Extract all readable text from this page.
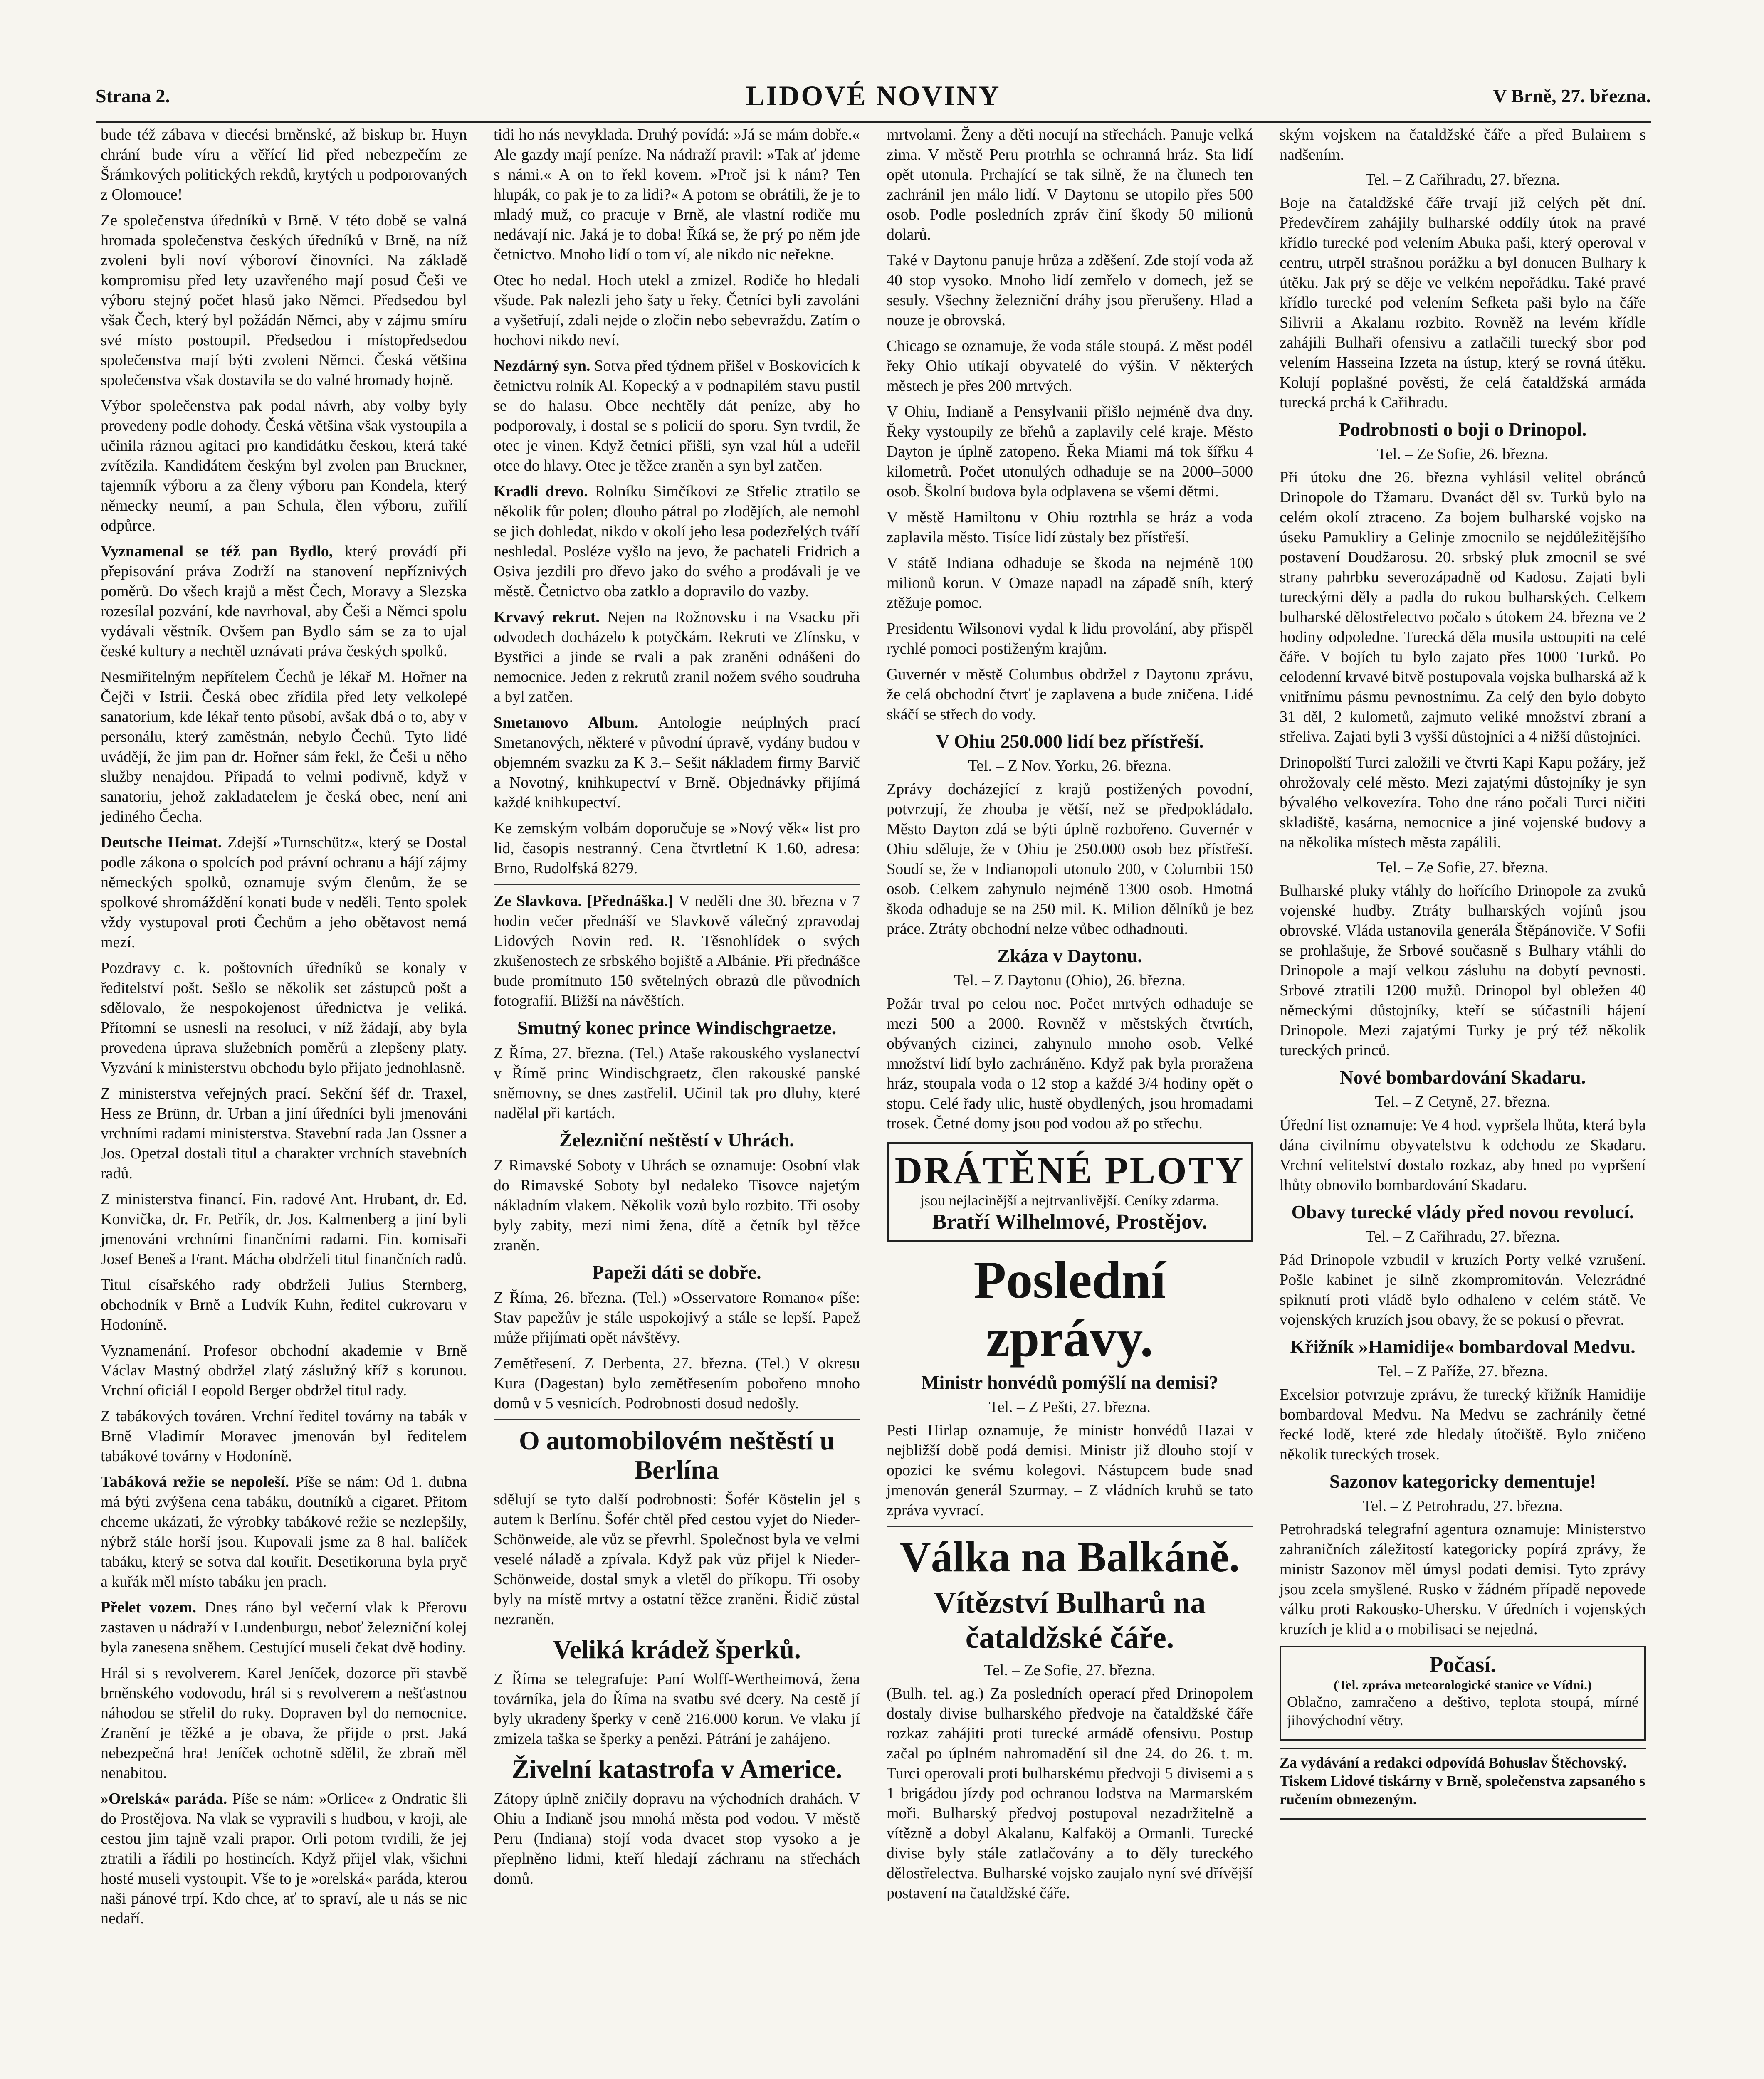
Strana 2.	LIDOVÉ NOVINY	V Brně, 27. března.

bude též zábava v diecési brněnské, až biskup br. Huyn chrání bude víru a věřící lid před nebezpečím ze Šrámkových politických rekdů, krytých u podporovaných z Olomouce!

Ze společenstva úředníků v Brně. V této době se valná hromada společenstva českých úředníků v Brně, na níž zvoleni byli noví výboroví činovníci. Na základě kompromisu před lety uzavřeného mají posud Češi ve výboru stejný počet hlasů jako Němci. Předsedou byl však Čech, který byl požádán Němci, aby v zájmu smíru své místo postoupil. Předsedou i místopředsedou společenstva mají býti zvoleni Němci. Česká většina společenstva však dostavila se do valné hromady hojně.

Výbor společenstva pak podal návrh, aby volby byly provedeny podle dohody. Česká většina však vystoupila a učinila ráznou agitaci pro kandidátku českou, která také zvítězila. Kandidátem českým byl zvolen pan Bruckner, tajemník výboru a za členy výboru pan Kondela, který německy neumí, a pan Schula, člen výboru, zuřilí odpůrce.

Vyznamenal se též pan Bydlo, který provádí při přepisování práva Zodrží na stanovení nepříznivých poměrů. Do všech krajů a měst Čech, Moravy a Slezska rozesílal pozvání, kde navrhoval, aby Češi a Němci spolu vydávali věstník. Ovšem pan Bydlo sám se za to ujal české kultury a nechtěl uznávati práva českých spolků.

Nesmiřitelným nepřítelem Čechů je lékař M. Hořner na Čejči v Istrii. Česká obec zřídila před lety velkolepé sanatorium, kde lékař tento působí, avšak dbá o to, aby v personálu, který zaměstnán, nebylo Čechů. Tyto lidé uvádějí, že jim pan dr. Hořner sám řekl, že Češi u něho služby nenajdou. Připadá to velmi podivně, když v sanatoriu, jehož zakladatelem je česká obec, není ani jediného Čecha.

Deutsche Heimat. Zdejší »Turnschütz«, který se Dostal podle zákona o spolcích pod právní ochranu a hájí zájmy německých spolků, oznamuje svým členům, že se spolkové shromáždění konati bude v neděli. Tento spolek vždy vystupoval proti Čechům a jeho obětavost nemá mezí.

Pozdravy c. k. poštovních úředníků se konaly v ředitelství pošt. Sešlo se několik set zástupců pošt a sdělovalo, že nespokojenost úřednictva je veliká. Přítomní se usnesli na resoluci, v níž žádají, aby byla provedena úprava služebních poměrů a zlepšeny platy. Vyzvání k ministerstvu obchodu bylo přijato jednohlasně.

Z ministerstva veřejných prací. Sekční šéf dr. Traxel, Hess ze Brünn, dr. Urban a jiní úředníci byli jmenováni vrchními radami ministerstva. Stavební rada Jan Ossner a Jos. Opetzal dostali titul a charakter vrchních stavebních radů.

Z ministerstva financí. Fin. radové Ant. Hrubant, dr. Ed. Konvička, dr. Fr. Petřík, dr. Jos. Kalmenberg a jiní byli jmenováni vrchními finančními radami. Fin. komisaři Josef Beneš a Frant. Mácha obdrželi titul finančních radů.

Titul císařského rady obdrželi Julius Sternberg, obchodník v Brně a Ludvík Kuhn, ředitel cukrovaru v Hodoníně.

Vyznamenání. Profesor obchodní akademie v Brně Václav Mastný obdržel zlatý záslužný kříž s korunou. Vrchní oficiál Leopold Berger obdržel titul rady.

Z tabákových továren. Vrchní ředitel továrny na tabák v Brně Vladimír Moravec jmenován byl ředitelem tabákové továrny v Hodoníně.

Tabáková režie se nepoleší. Píše se nám: Od 1. dubna má býti zvýšena cena tabáku, doutníků a cigaret. Přitom chceme ukázati, že výrobky tabákové režie se nezlepšily, nýbrž stále horší jsou. Kupovali jsme za 8 hal. balíček tabáku, který se sotva dal kouřit. Desetikoruna byla pryč a kuřák měl místo tabáku jen prach.

Přelet vozem. Dnes ráno byl večerní vlak k Přerovu zastaven u nádraží v Lundenburgu, neboť železniční kolej byla zanesena sněhem. Cestující museli čekat dvě hodiny.

Hrál si s revolverem. Karel Jeníček, dozorce při stavbě brněnského vodovodu, hrál si s revolverem a nešťastnou náhodou se střelil do ruky. Dopraven byl do nemocnice. Zranění je těžké a je obava, že přijde o prst. Jaká nebezpečná hra! Jeníček ochotně sdělil, že zbraň měl nenabitou.

»Orelská« paráda. Píše se nám: »Orlice« z Ondratic šli do Prostějova. Na vlak se vypravili s hudbou, v kroji, ale cestou jim tajně vzali prapor. Orli potom tvrdili, že jej ztratili a řádili po hostincích. Když přijel vlak, všichni hosté museli vystoupit. Vše to je »orelská« paráda, kterou naši pánové trpí. Kdo chce, ať to spraví, ale u nás se nic nedaří.

tidi ho nás nevyklada. Druhý povídá: »Já se mám dobře.« Ale gazdy mají peníze. Na nádraží pravil: »Tak ať jdeme s námi.« A on to řekl kovem. »Proč jsi k nám? Ten hlupák, co pak je to za lidi?« A potom se obrátili, že je to mladý muž, co pracuje v Brně, ale vlastní rodiče mu nedávají nic. Jaká je to doba! Říká se, že prý po něm jde četnictvo. Mnoho lidí o tom ví, ale nikdo nic neřekne.

Otec ho nedal. Hoch utekl a zmizel. Rodiče ho hledali všude. Pak nalezli jeho šaty u řeky. Četníci byli zavoláni a vyšetřují, zdali nejde o zločin nebo sebevraždu. Zatím o hochovi nikdo neví.

Nezdárný syn. Sotva před týdnem přišel v Boskovicích k četnictvu rolník Al. Kopecký a v podnapilém stavu pustil se do halasu. Obce nechtěly dát peníze, aby ho podporovaly, i dostal se s policií do sporu. Syn tvrdil, že otec je vinen. Když četníci přišli, syn vzal hůl a udeřil otce do hlavy. Otec je těžce zraněn a syn byl zatčen.

Kradli drevo. Rolníku Simčíkovi ze Střelic ztratilo se několik fůr polen; dlouho pátral po zlodějích, ale nemohl se jich dohledat, nikdo v okolí jeho lesa podezřelých tváří neshledal. Posléze vyšlo na jevo, že pachateli Fridrich a Osiva jezdili pro dřevo jako do svého a prodávali je ve městě. Četnictvo oba zatklo a dopravilo do vazby.

Krvavý rekrut. Nejen na Rožnovsku i na Vsacku při odvodech docházelo k potyčkám. Rekruti ve Zlínsku, v Bystřici a jinde se rvali a pak zraněni odnášeni do nemocnice. Jeden z rekrutů zranil nožem svého soudruha a byl zatčen.

Smetanovo Album. Antologie neúplných prací Smetanových, některé v původní úpravě, vydány budou v objemném svazku za K 3.– Sešit nákladem firmy Barvič a Novotný, knihkupectví v Brně. Objednávky přijímá každé knihkupectví.

Ke zemským volbám doporučuje se »Nový věk« list pro lid, časopis nestranný. Cena čtvrtletní K 1.60, adresa: Brno, Rudolfská 8279.

Ze Slavkova. [Přednáška.] V neděli dne 30. března v 7 hodin večer přednáší ve Slavkově válečný zpravodaj Lidových Novin red. R. Těsnohlídek o svých zkušenostech ze srbského bojiště a Albánie. Při přednášce bude promítnuto 150 světelných obrazů dle původních fotografií. Bližší na návěštích.

Smutný konec prince Windischgraetze.

Z Říma, 27. března. (Tel.) Ataše rakouského vyslanectví v Římě princ Windischgraetz, člen rakouské panské sněmovny, se dnes zastřelil. Učinil tak pro dluhy, které nadělal při kartách.

Železniční neštěstí v Uhrách.

Z Rimavské Soboty v Uhrách se oznamuje: Osobní vlak do Rimavské Soboty byl nedaleko Tisovce najetým nákladním vlakem. Několik vozů bylo rozbito. Tři osoby byly zabity, mezi nimi žena, dítě a četník byl těžce zraněn.

Papeži dáti se dobře.

Z Říma, 26. března. (Tel.) »Osservatore Romano« píše: Stav papežův je stále uspokojivý a stále se lepší. Papež může přijímati opět návštěvy.

Zemětřesení. Z Derbenta, 27. března. (Tel.) V okresu Kura (Dagestan) bylo zemětřesením pobořeno mnoho domů v 5 vesnicích. Podrobnosti dosud nedošly.

O automobilovém neštěstí u Berlína

sdělují se tyto další podrobnosti: Šofér Köstelin jel s autem k Berlínu. Šofér chtěl před cestou vyjet do Nieder-Schönweide, ale vůz se převrhl. Společnost byla ve velmi veselé náladě a zpívala. Když pak vůz přijel k Nieder-Schönweide, dostal smyk a vletěl do příkopu. Tři osoby byly na místě mrtvy a ostatní těžce zraněni. Řidič zůstal nezraněn.

Veliká krádež šperků.

Z Říma se telegrafuje: Paní Wolff-Wertheimová, žena továrníka, jela do Říma na svatbu své dcery. Na cestě jí byly ukradeny šperky v ceně 216.000 korun. Ve vlaku jí zmizela taška se šperky a penězi. Pátrání je zahájeno.

Živelní katastrofa v Americe.

Zátopy úplně zničily dopravu na východních drahách. V Ohiu a Indianě jsou mnohá města pod vodou. V městě Peru (Indiana) stojí voda dvacet stop vysoko a je přeplněno lidmi, kteří hledají záchranu na střechách domů.

mrtvolami. Ženy a děti nocují na střechách. Panuje velká zima. V městě Peru protrhla se ochranná hráz. Sta lidí opět utonula. Prchající se tak silně, že na člunech ten zachránil jen málo lidí. V Daytonu se utopilo přes 500 osob. Podle posledních zpráv činí škody 50 milionů dolarů.

Také v Daytonu panuje hrůza a zděšení. Zde stojí voda až 40 stop vysoko. Mnoho lidí zemřelo v domech, jež se sesuly. Všechny železniční dráhy jsou přerušeny. Hlad a nouze je obrovská.

Chicago se oznamuje, že voda stále stoupá. Z měst podél řeky Ohio utíkají obyvatelé do výšin. V některých městech je přes 200 mrtvých.

V Ohiu, Indianě a Pensylvanii přišlo nejméně dva dny. Řeky vystoupily ze břehů a zaplavily celé kraje. Město Dayton je úplně zatopeno. Řeka Miami má tok šířku 4 kilometrů. Počet utonulých odhaduje se na 2000–5000 osob. Školní budova byla odplavena se všemi dětmi.

V městě Hamiltonu v Ohiu roztrhla se hráz a voda zaplavila město. Tisíce lidí zůstaly bez přístřeší.

V státě Indiana odhaduje se škoda na nejméně 100 milionů korun. V Omaze napadl na západě sníh, který ztěžuje pomoc.

Presidentu Wilsonovi vydal k lidu provolání, aby přispěl rychlé pomoci postiženým krajům.

Guvernér v městě Columbus obdržel z Daytonu zprávu, že celá obchodní čtvrť je zaplavena a bude zničena. Lidé skáčí se střech do vody.

V Ohiu 250.000 lidí bez přístřeší.
Tel. – Z Nov. Yorku, 26. března.

Zprávy docházející z krajů postižených povodní, potvrzují, že zhouba je větší, než se předpokládalo. Město Dayton zdá se býti úplně rozbořeno. Guvernér v Ohiu sděluje, že v Ohiu je 250.000 osob bez přístřeší. Soudí se, že v Indianopoli utonulo 200, v Columbii 150 osob. Celkem zahynulo nejméně 1300 osob. Hmotná škoda odhaduje se na 250 mil. K. Milion dělníků je bez práce. Ztráty obchodní nelze vůbec odhadnouti.

Zkáza v Daytonu.
Tel. – Z Daytonu (Ohio), 26. března.

Požár trval po celou noc. Počet mrtvých odhaduje se mezi 500 a 2000. Rovněž v městských čtvrtích, obývaných cizinci, zahynulo mnoho osob. Velké množství lidí bylo zachráněno. Když pak byla proražena hráz, stoupala voda o 12 stop a každé 3/4 hodiny opět o stopu. Celé řady ulic, hustě obydlených, jsou hromadami trosek. Četné domy jsou pod vodou až po střechu.

DRÁTĚNÉ PLOTY
jsou nejlacinější a nejtrvanlivější. Ceníky zdarma.
Bratří Wilhelmové, Prostějov.
Poslední zprávy.
Ministr honvédů pomýšlí na demisi?
Tel. – Z Pešti, 27. března.

Pesti Hirlap oznamuje, že ministr honvédů Hazai v nejbližší době podá demisi. Ministr již dlouho stojí v opozici ke svému kolegovi. Nástupcem bude snad jmenován generál Szurmay. – Z vládních kruhů se tato zpráva vyvrací.

Válka na Balkáně.
Vítězství Bulharů na čataldžské čáře.
Tel. – Ze Sofie, 27. března.

(Bulh. tel. ag.) Za posledních operací před Drinopolem dostaly divise bulharského předvoje na čataldžské čáře rozkaz zahájiti proti turecké armádě ofensivu. Postup začal po úplném nahromadění sil dne 24. do 26. t. m. Turci operovali proti bulharskému předvoji 5 divisemi a s 1 brigádou jízdy pod ochranou lodstva na Marmarském moři. Bulharský předvoj postupoval nezadržitelně a vítězně a dobyl Akalanu, Kalfaköj a Ormanli. Turecké divise byly stále zatlačovány a to děly tureckého dělostřelectva. Bulharské vojsko zaujalo nyní své dřívější postavení na čataldžské čáře.

ským vojskem na čataldžské čáře a před Bulairem s nadšením.

Tel. – Z Cařihradu, 27. března.

Boje na čataldžské čáře trvají již celých pět dní. Předevčírem zahájily bulharské oddíly útok na pravé křídlo turecké pod velením Abuka paši, který operoval v centru, utrpěl strašnou porážku a byl donucen Bulhary k útěku. Jak prý se děje ve velkém nepořádku. Také pravé křídlo turecké pod velením Sefketa paši bylo na čáře Silivrii a Akalanu rozbito. Rovněž na levém křídle zahájili Bulhaři ofensivu a zatlačili turecký sbor pod velením Hasseina Izzeta na ústup, který se rovná útěku. Kolují poplašné pověsti, že celá čataldžská armáda turecká prchá k Cařihradu.

Podrobnosti o boji o Drinopol.
Tel. – Ze Sofie, 26. března.

Při útoku dne 26. března vyhlásil velitel obránců Drinopole do Tžamaru. Dvanáct děl sv. Turků bylo na celém okolí ztraceno. Za bojem bulharské vojsko na úseku Pamukliry a Gelinje zmocnilo se nejdůležitějšího postavení Doudžarosu. 20. srbský pluk zmocnil se své strany pahrbku severozápadně od Kadosu. Zajati byli tureckými děly a padla do rukou bulharských. Celkem bulharské dělostřelectvo počalo s útokem 24. března ve 2 hodiny odpoledne. Turecká děla musila ustoupiti na celé čáře. V bojích tu bylo zajato přes 1000 Turků. Po celodenní krvavé bitvě postupovala vojska bulharská až k vnitřnímu pásmu pevnostnímu. Za celý den bylo dobyto 31 děl, 2 kulometů, zajmuto veliké množství zbraní a střeliva. Zajati byli 3 vyšší důstojníci a 4 nižší důstojníci.

Drinopolští Turci založili ve čtvrti Kapi Kapu požáry, jež ohrožovaly celé město. Mezi zajatými důstojníky je syn bývalého velkovezíra. Toho dne ráno počali Turci ničiti skladiště, kasárna, nemocnice a jiné vojenské budovy a na několika místech města zapálili.

Tel. – Ze Sofie, 27. března.

Bulharské pluky vtáhly do hořícího Drinopole za zvuků vojenské hudby. Ztráty bulharských vojínů jsou obrovské. Vláda ustanovila generála Štěpánoviče. V Sofii se prohlašuje, že Srbové současně s Bulhary vtáhli do Drinopole a mají velkou zásluhu na dobytí pevnosti. Srbové ztratili 1200 mužů. Drinopol byl obležen 40 německými důstojníky, kteří se súčastnili hájení Drinopole. Mezi zajatými Turky je prý též několik tureckých princů.

Nové bombardování Skadaru.
Tel. – Z Cetyně, 27. března.

Úřední list oznamuje: Ve 4 hod. vypršela lhůta, která byla dána civilnímu obyvatelstvu k odchodu ze Skadaru. Vrchní velitelství dostalo rozkaz, aby hned po vypršení lhůty obnovilo bombardování Skadaru.

Obavy turecké vlády před novou revolucí.
Tel. – Z Cařihradu, 27. března.

Pád Drinopole vzbudil v kruzích Porty velké vzrušení. Pošle kabinet je silně zkompromitován. Velezrádné spiknutí proti vládě bylo odhaleno v celém státě. Ve vojenských kruzích jsou obavy, že se pokusí o převrat.

Křižník »Hamidije« bombardoval Medvu.
Tel. – Z Paříže, 27. března.

Excelsior potvrzuje zprávu, že turecký křižník Hamidije bombardoval Medvu. Na Medvu se zachránily četné řecké lodě, které zde hledaly útočiště. Bylo zničeno několik tureckých trosek.

Sazonov kategoricky dementuje!
Tel. – Z Petrohradu, 27. března.

Petrohradská telegrafní agentura oznamuje: Ministerstvo zahraničních záležitostí kategoricky popírá zprávy, že ministr Sazonov měl úmysl podati demisi. Tyto zprávy jsou zcela smyšlené. Rusko v žádném případě nepovede válku proti Rakousko-Uhersku. V úředních i vojenských kruzích je klid a o mobilisaci se nejedná.

Počasí.
(Tel. zpráva meteorologické stanice ve Vídni.)

Oblačno, zamračeno a deštivo, teplota stoupá, mírné jihovýchodní větry.

Za vydávání a redakci odpovídá Bohuslav Štěchovský. Tiskem Lidové tiskárny v Brně, společenstva zapsaného s ručením obmezeným.
